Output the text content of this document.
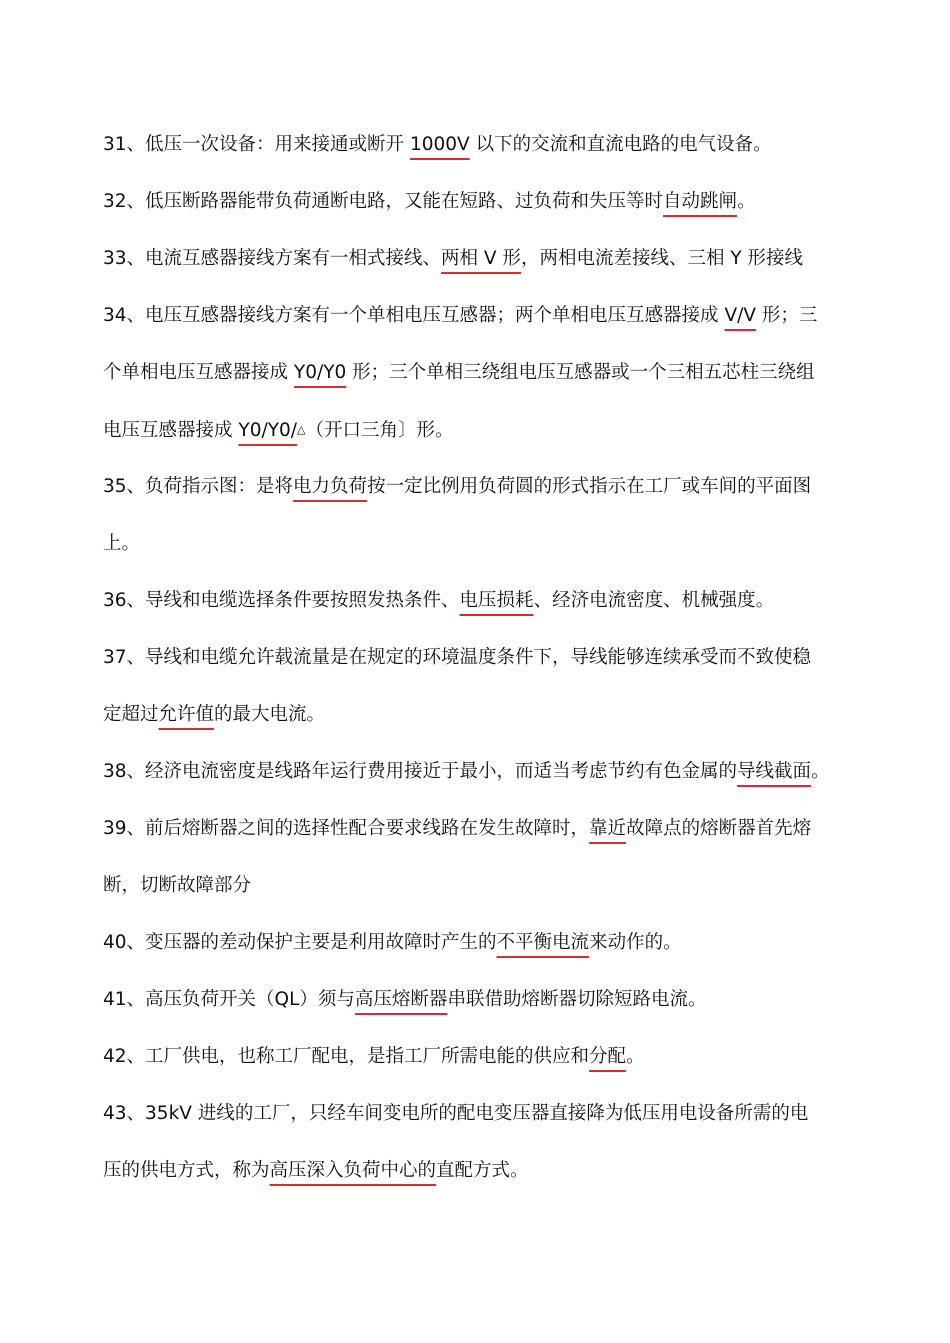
31、低压一次设备：用来接通或断开 1000V 以下的交流和直流电路的电气设备。
32、低压断路器能带负荷通断电路，又能在短路、过负荷和失压等时自动跳闸。
33、电流互感器接线方案有一相式接线、两相 V 形，两相电流差接线、三相 Y 形接线
34、电压互感器接线方案有一个单相电压互感器；两个单相电压互感器接成 V/V 形；三
个单相电压互感器接成 Y0/Y0 形；三个单相三绕组电压互感器或一个三相五芯柱三绕组
电压互感器接成 Y0/Y0/△（开口三角〕形。
35、负荷指示图：是将电力负荷按一定比例用负荷圆的形式指示在工厂或车间的平面图
上。
36、导线和电缆选择条件要按照发热条件、电压损耗、经济电流密度、机械强度。
37、导线和电缆允许载流量是在规定的环境温度条件下，导线能够连续承受而不致使稳
定超过允许值的最大电流。
38、经济电流密度是线路年运行费用接近于最小，而适当考虑节约有色金属的导线截面。
39、前后熔断器之间的选择性配合要求线路在发生故障时，靠近故障点的熔断器首先熔
断，切断故障部分
40、变压器的差动保护主要是利用故障时产生的不平衡电流来动作的。
41、高压负荷开关（QL）须与高压熔断器串联借助熔断器切除短路电流。
42、工厂供电，也称工厂配电，是指工厂所需电能的供应和分配。
43、35kV 进线的工厂，只经车间变电所的配电变压器直接降为低压用电设备所需的电
压的供电方式，称为高压深入负荷中心的直配方式。
